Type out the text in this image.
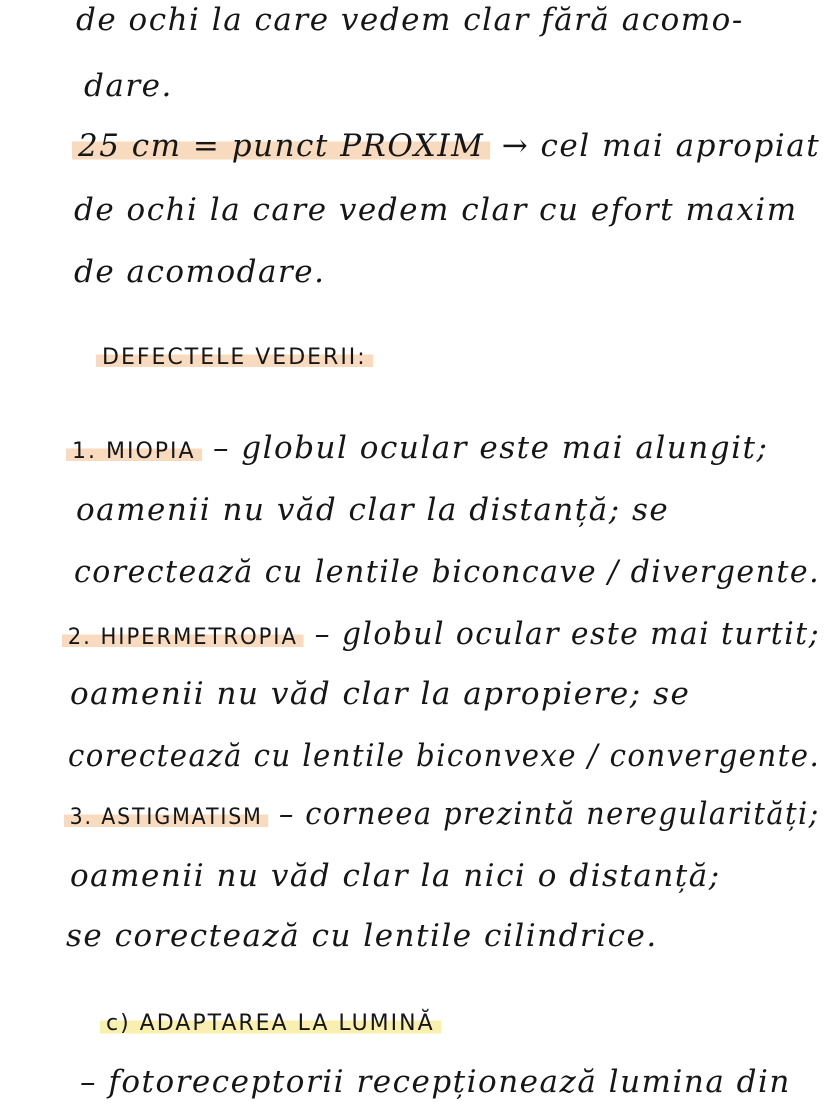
de ochi la care vedem clar fără acomo-
dare.
25 cm = punct PROXIM → cel mai apropiat
de ochi la care vedem clar cu efort maxim
de acomodare.
DEFECTELE VEDERII:
1. MIOPIA – globul ocular este mai alungit;
oamenii nu văd clar la distanță; se
corectează cu lentile biconcave / divergente.
2. HIPERMETROPIA – globul ocular este mai turtit;
oamenii nu văd clar la apropiere; se
corectează cu lentile biconvexe / convergente.
3. ASTIGMATISM – corneea prezintă neregularități;
oamenii nu văd clar la nici o distanță;
se corectează cu lentile cilindrice.
c) ADAPTAREA LA LUMINĂ
– fotoreceptorii recepționează lumina din
